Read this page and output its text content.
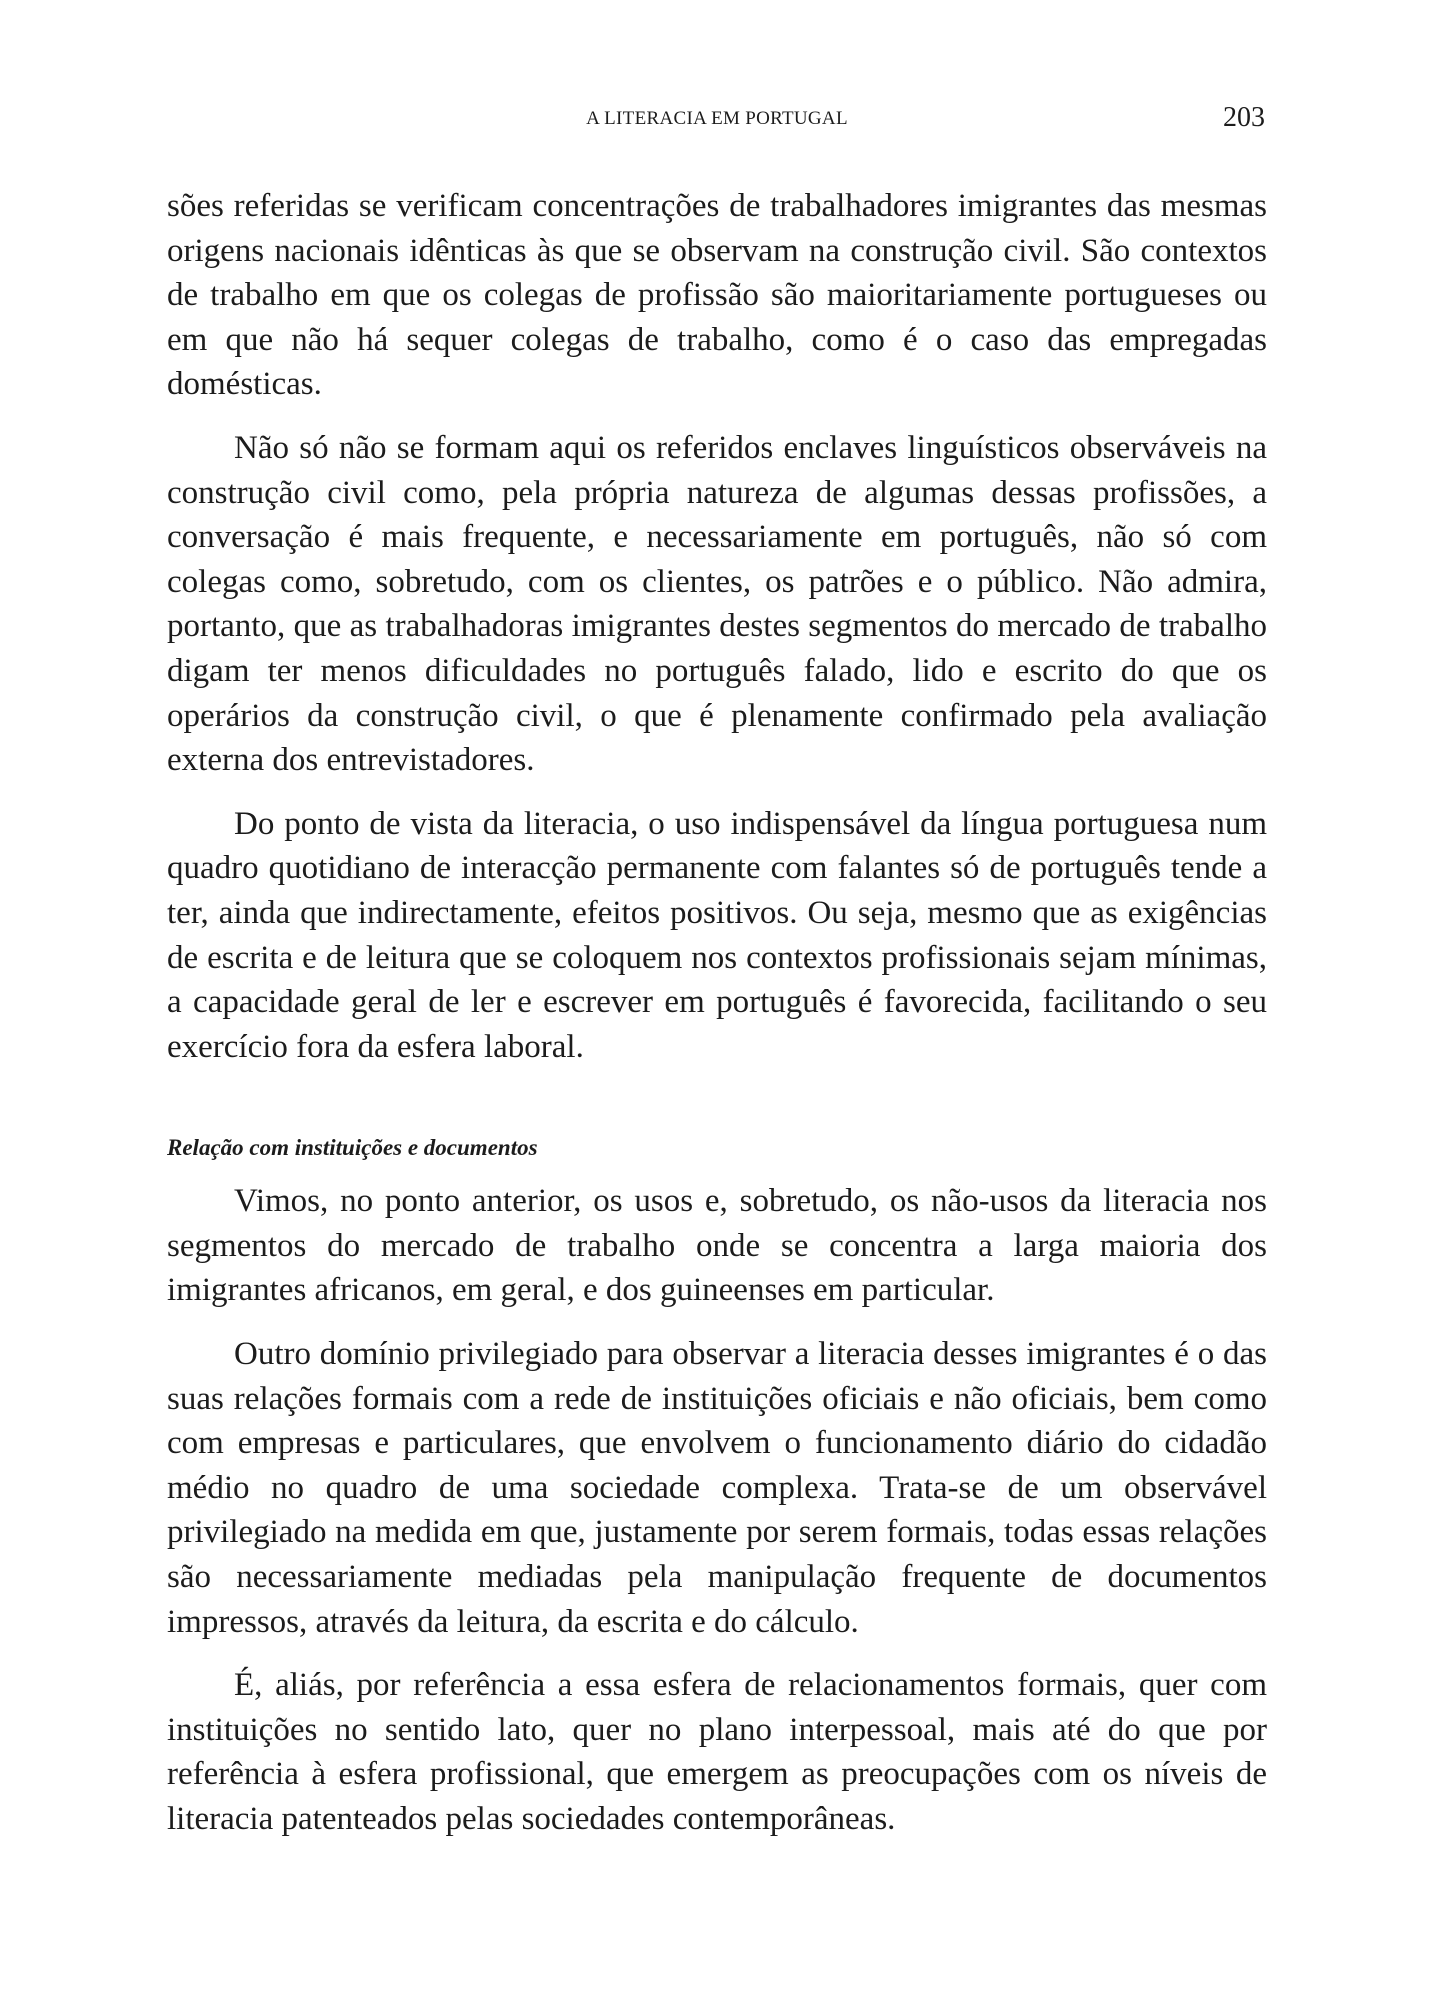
A LITERACIA EM PORTUGAL	203

sões referidas se verificam concentrações de trabalhadores imigrantes das mesmas origens nacionais idênticas às que se observam na construção civil. São contextos de trabalho em que os colegas de profissão são maioritariamente portugueses ou em que não há sequer colegas de trabalho, como é o caso das empregadas domésticas.

Não só não se formam aqui os referidos enclaves linguísticos observáveis na construção civil como, pela própria natureza de algumas dessas profissões, a conversação é mais frequente, e necessariamente em português, não só com colegas como, sobretudo, com os clientes, os patrões e o público. Não admira, portanto, que as trabalhadoras imigrantes destes segmentos do mercado de trabalho digam ter menos dificuldades no português falado, lido e escrito do que os operários da construção civil, o que é plenamente confirmado pela avaliação externa dos entrevistadores.

Do ponto de vista da literacia, o uso indispensável da língua portuguesa num quadro quotidiano de interacção permanente com falantes só de português tende a ter, ainda que indirectamente, efeitos positivos. Ou seja, mesmo que as exigências de escrita e de leitura que se coloquem nos contextos profissionais sejam mínimas, a capacidade geral de ler e escrever em português é favorecida, facilitando o seu exercício fora da esfera laboral.

Relação com instituições e documentos

Vimos, no ponto anterior, os usos e, sobretudo, os não-usos da literacia nos segmentos do mercado de trabalho onde se concentra a larga maioria dos imigrantes africanos, em geral, e dos guineenses em particular.

Outro domínio privilegiado para observar a literacia desses imigrantes é o das suas relações formais com a rede de instituições oficiais e não oficiais, bem como com empresas e particulares, que envolvem o funcionamento diário do cidadão médio no quadro de uma sociedade complexa. Trata-se de um observável privilegiado na medida em que, justamente por serem formais, todas essas relações são necessariamente mediadas pela manipulação frequente de documentos impressos, através da leitura, da escrita e do cálculo.

É, aliás, por referência a essa esfera de relacionamentos formais, quer com instituições no sentido lato, quer no plano interpessoal, mais até do que por referência à esfera profissional, que emergem as preocupações com os níveis de literacia patenteados pelas sociedades contemporâneas.
